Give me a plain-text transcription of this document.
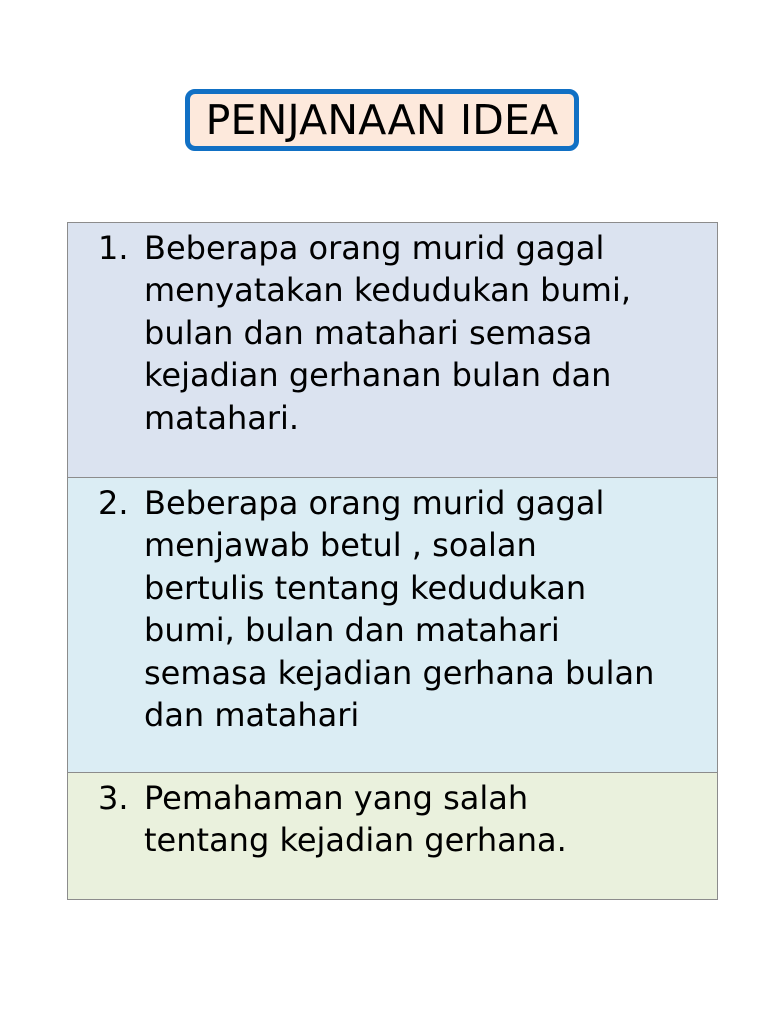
PENJANAAN IDEA
1. Beberapa orang murid gagal
menyatakan kedudukan bumi,
bulan dan matahari semasa
kejadian gerhanan bulan dan
matahari.
2. Beberapa orang murid gagal
menjawab betul , soalan
bertulis tentang kedudukan
bumi, bulan dan matahari
semasa kejadian gerhana bulan
dan matahari
3. Pemahaman yang salah
tentang kejadian gerhana.
